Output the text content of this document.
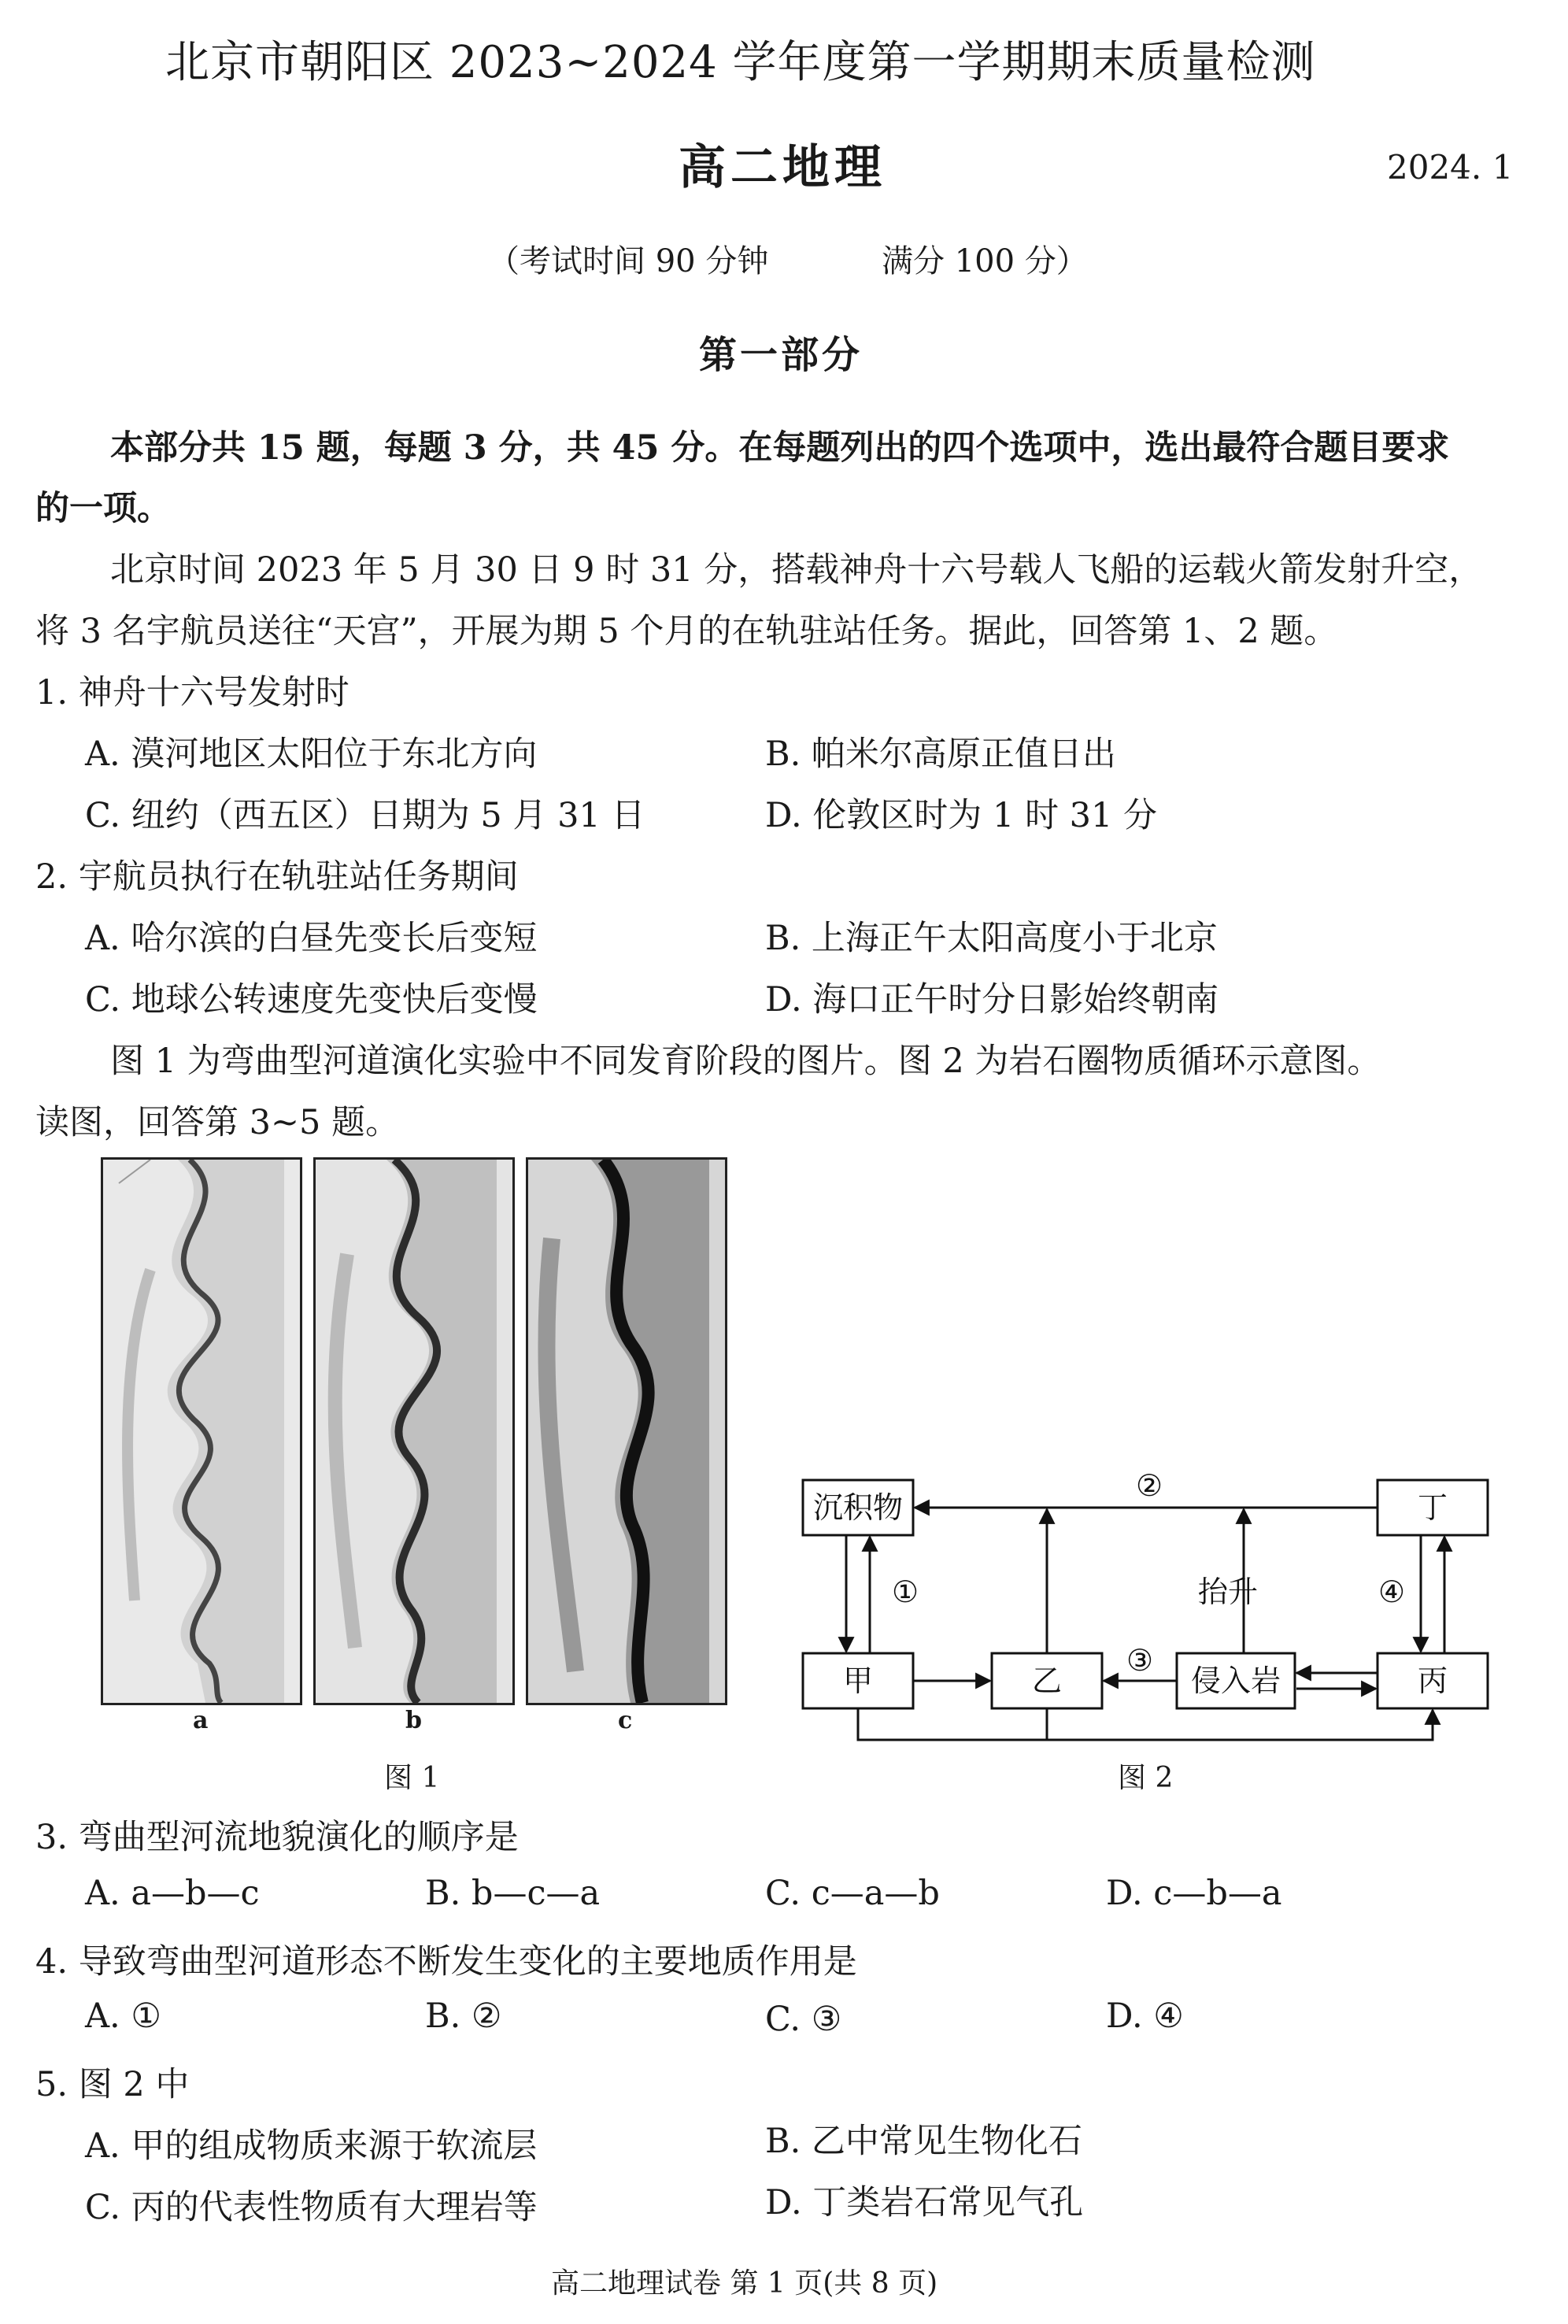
北京市朝阳区 2023~2024 学年度第一学期期末质量检测
高二地理	2024. 1
（考试时间 90 分钟	满分 100 分）
第一部分
本部分共 15 题，每题 3 分，共 45 分。在每题列出的四个选项中，选出最符合题目要求
的一项。
北京时间 2023 年 5 月 30 日 9 时 31 分，搭载神舟十六号载人飞船的运载火箭发射升空，
将 3 名宇航员送往“天宫”，开展为期 5 个月的在轨驻站任务。据此，回答第 1、2 题。
1. 神舟十六号发射时
A. 漠河地区太阳位于东北方向	B. 帕米尔高原正值日出
C. 纽约（西五区）日期为 5 月 31 日	D. 伦敦区时为 1 时 31 分
2. 宇航员执行在轨驻站任务期间
A. 哈尔滨的白昼先变长后变短	B. 上海正午太阳高度小于北京
C. 地球公转速度先变快后变慢	D. 海口正午时分日影始终朝南
图 1 为弯曲型河道演化实验中不同发育阶段的图片。图 2 为岩石圈物质循环示意图。
读图，回答第 3~5 题。
a	b	c
图 1
沉积物	丁
甲	乙	侵入岩	丙
②
①	抬升	④
③
图 2
3. 弯曲型河流地貌演化的顺序是
A. a—b—c	B. b—c—a	C. c—a—b	D. c—b—a
4. 导致弯曲型河道形态不断发生变化的主要地质作用是
A. ①	B. ②	C. ③	D. ④
5. 图 2 中
A. 甲的组成物质来源于软流层	B. 乙中常见生物化石
C. 丙的代表性物质有大理岩等	D. 丁类岩石常见气孔
高二地理试卷 第 1 页(共 8 页)
